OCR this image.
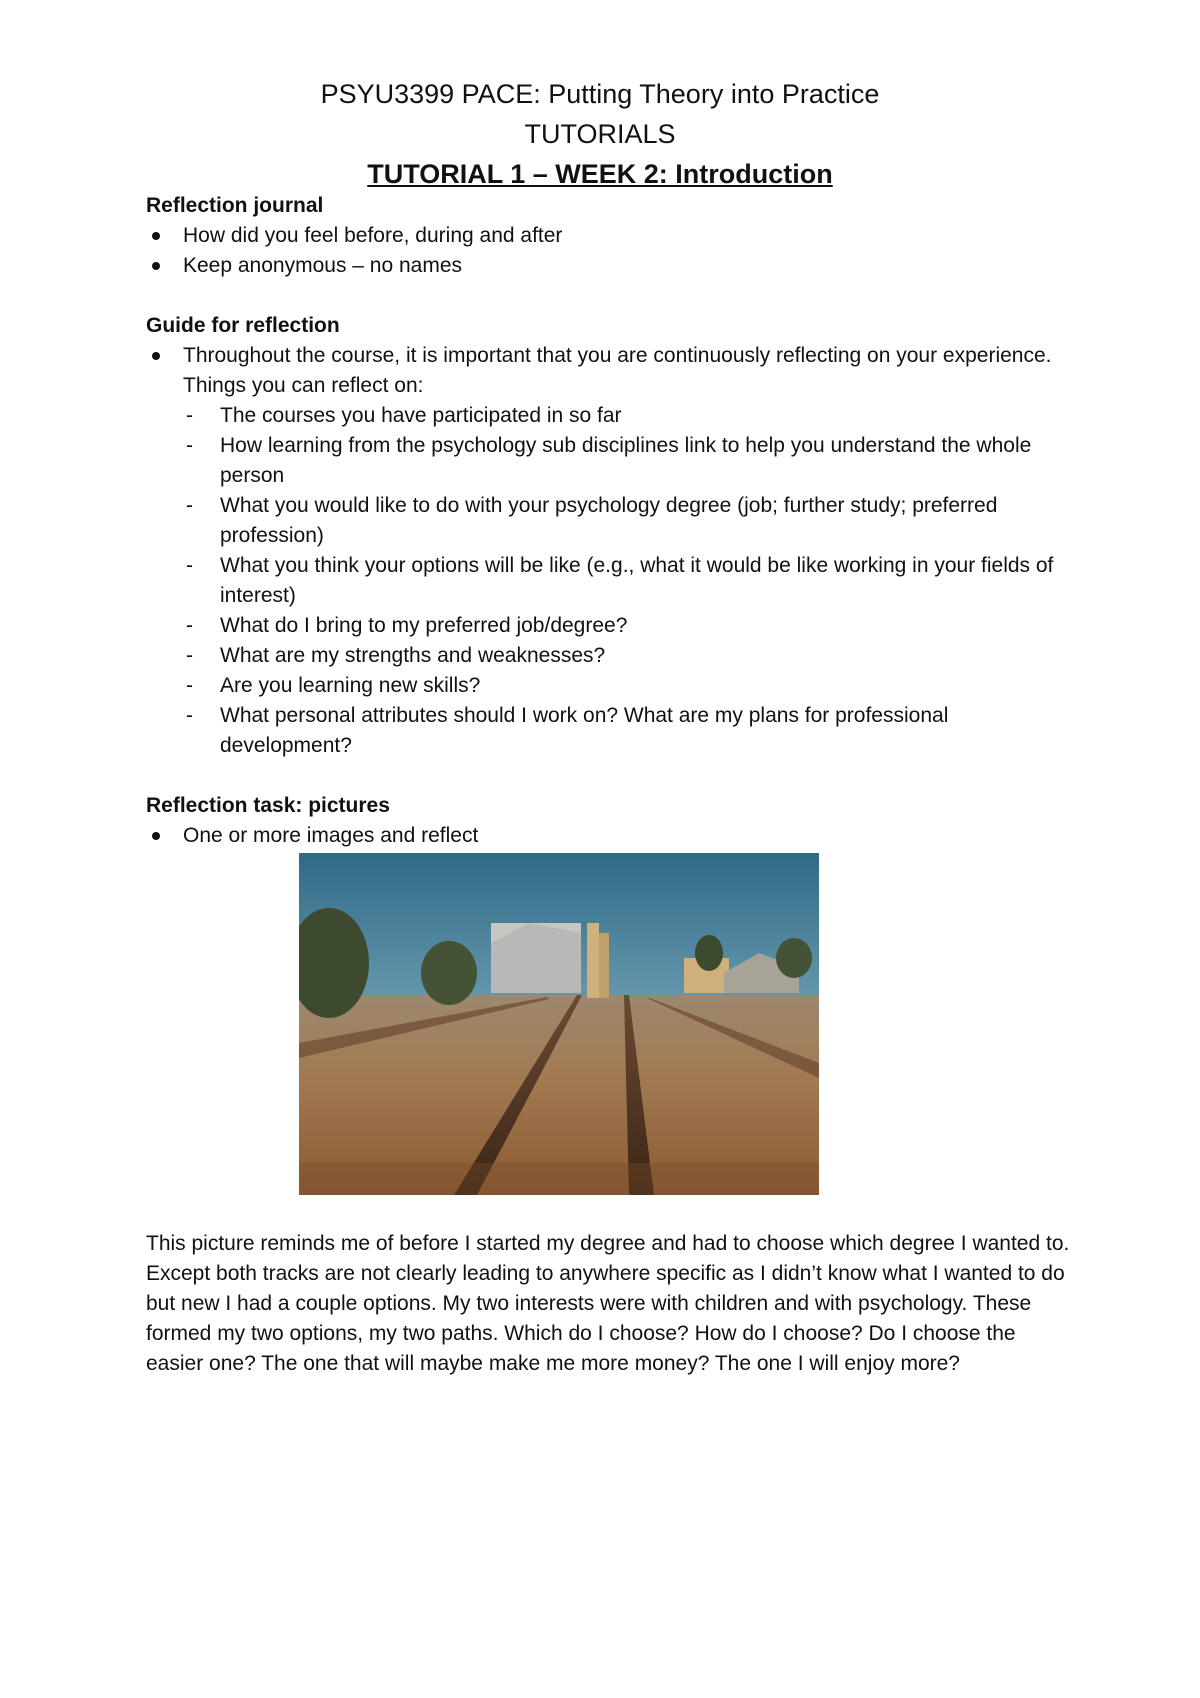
PSYU3399 PACE: Putting Theory into Practice
TUTORIALS
TUTORIAL 1 – WEEK 2: Introduction
Reflection journal
How did you feel before, during and after
Keep anonymous – no names
Guide for reflection
Throughout the course, it is important that you are continuously reflecting on your experience. Things you can reflect on:
- The courses you have participated in so far
- How learning from the psychology sub disciplines link to help you understand the whole person
- What you would like to do with your psychology degree (job; further study; preferred profession)
- What you think your options will be like (e.g., what it would be like working in your fields of interest)
- What do I bring to my preferred job/degree?
- What are my strengths and weaknesses?
- Are you learning new skills?
- What personal attributes should I work on? What are my plans for professional development?
Reflection task: pictures
One or more images and reflect
This picture reminds me of before I started my degree and had to choose which degree I wanted to. Except both tracks are not clearly leading to anywhere specific as I didn’t know what I wanted to do but new I had a couple options. My two interests were with children and with psychology. These formed my two options, my two paths. Which do I choose? How do I choose? Do I choose the easier one? The one that will maybe make me more money? The one I will enjoy more?
